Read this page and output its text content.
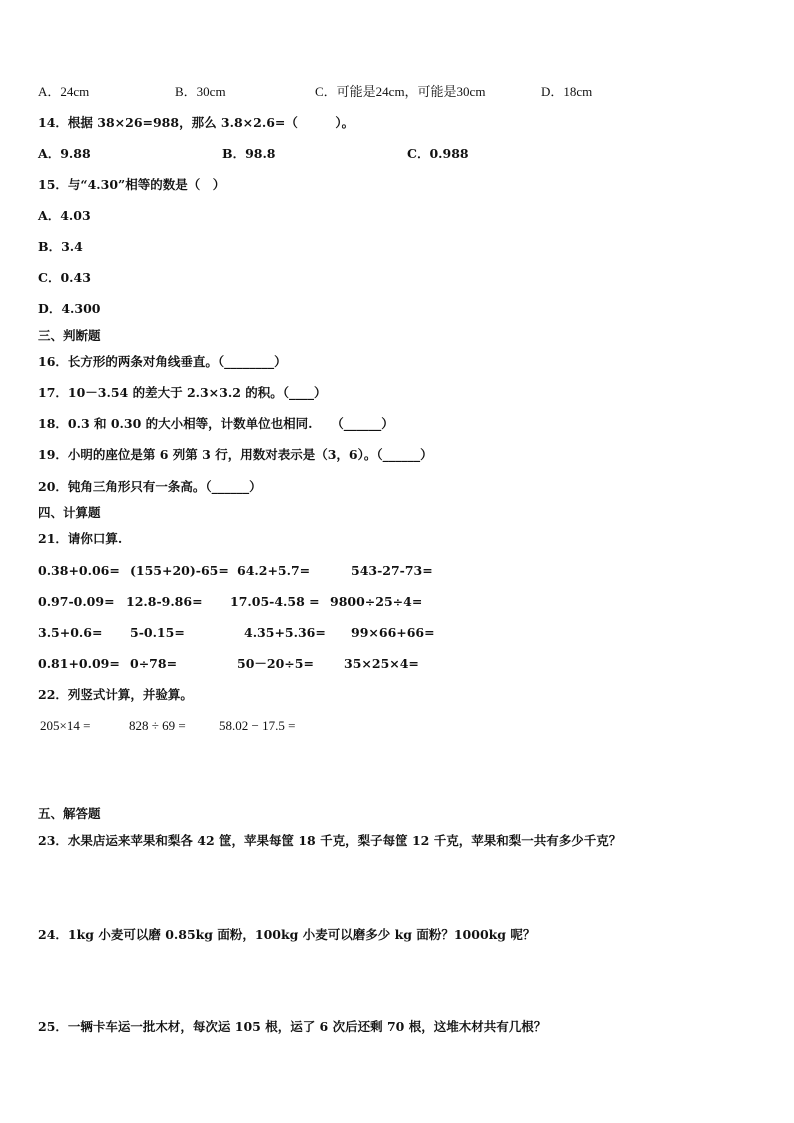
A．24cm	B．30cm	C．可能是24cm，可能是30cm	D．18cm
14．根据 38×26=988，那么 3.8×2.6=（　　　）。
A．9.88	B．98.8	C．0.988
15．与“4.30”相等的数是（　）
A．4.03
B．3.4
C．0.43
D．4.300
三、判断题
16．长方形的两条对角线垂直。（________）
17．10－3.54 的差大于 2.3×3.2 的积。（____）
18．0.3 和 0.30 的大小相等，计数单位也相同.　　（______）
19．小明的座位是第 6 列第 3 行，用数对表示是（3，6）。（______）
20．钝角三角形只有一条高。（______）
四、计算题
21．请你口算.
0.38+0.06= (155+20)-65= 64.2+5.7=	543-27-73=
0.97-0.09= 12.8-9.86= 17.05-4.58 = 9800÷25÷4=
3.5+0.6= 5-0.15=	4.35+5.36= 99×66+66=
0.81+0.09= 0÷78=	50－20÷5= 35×25×4=
22．列竖式计算，并验算。
205×14 =	828 ÷ 69 =	58.02 − 17.5 =
五、解答题
23．水果店运来苹果和梨各 42 筐，苹果每筐 18 千克，梨子每筐 12 千克，苹果和梨一共有多少千克？
24．1kg 小麦可以磨 0.85kg 面粉，100kg 小麦可以磨多少 kg 面粉？1000kg 呢？
25．一辆卡车运一批木材，每次运 105 根，运了 6 次后还剩 70 根，这堆木材共有几根？
